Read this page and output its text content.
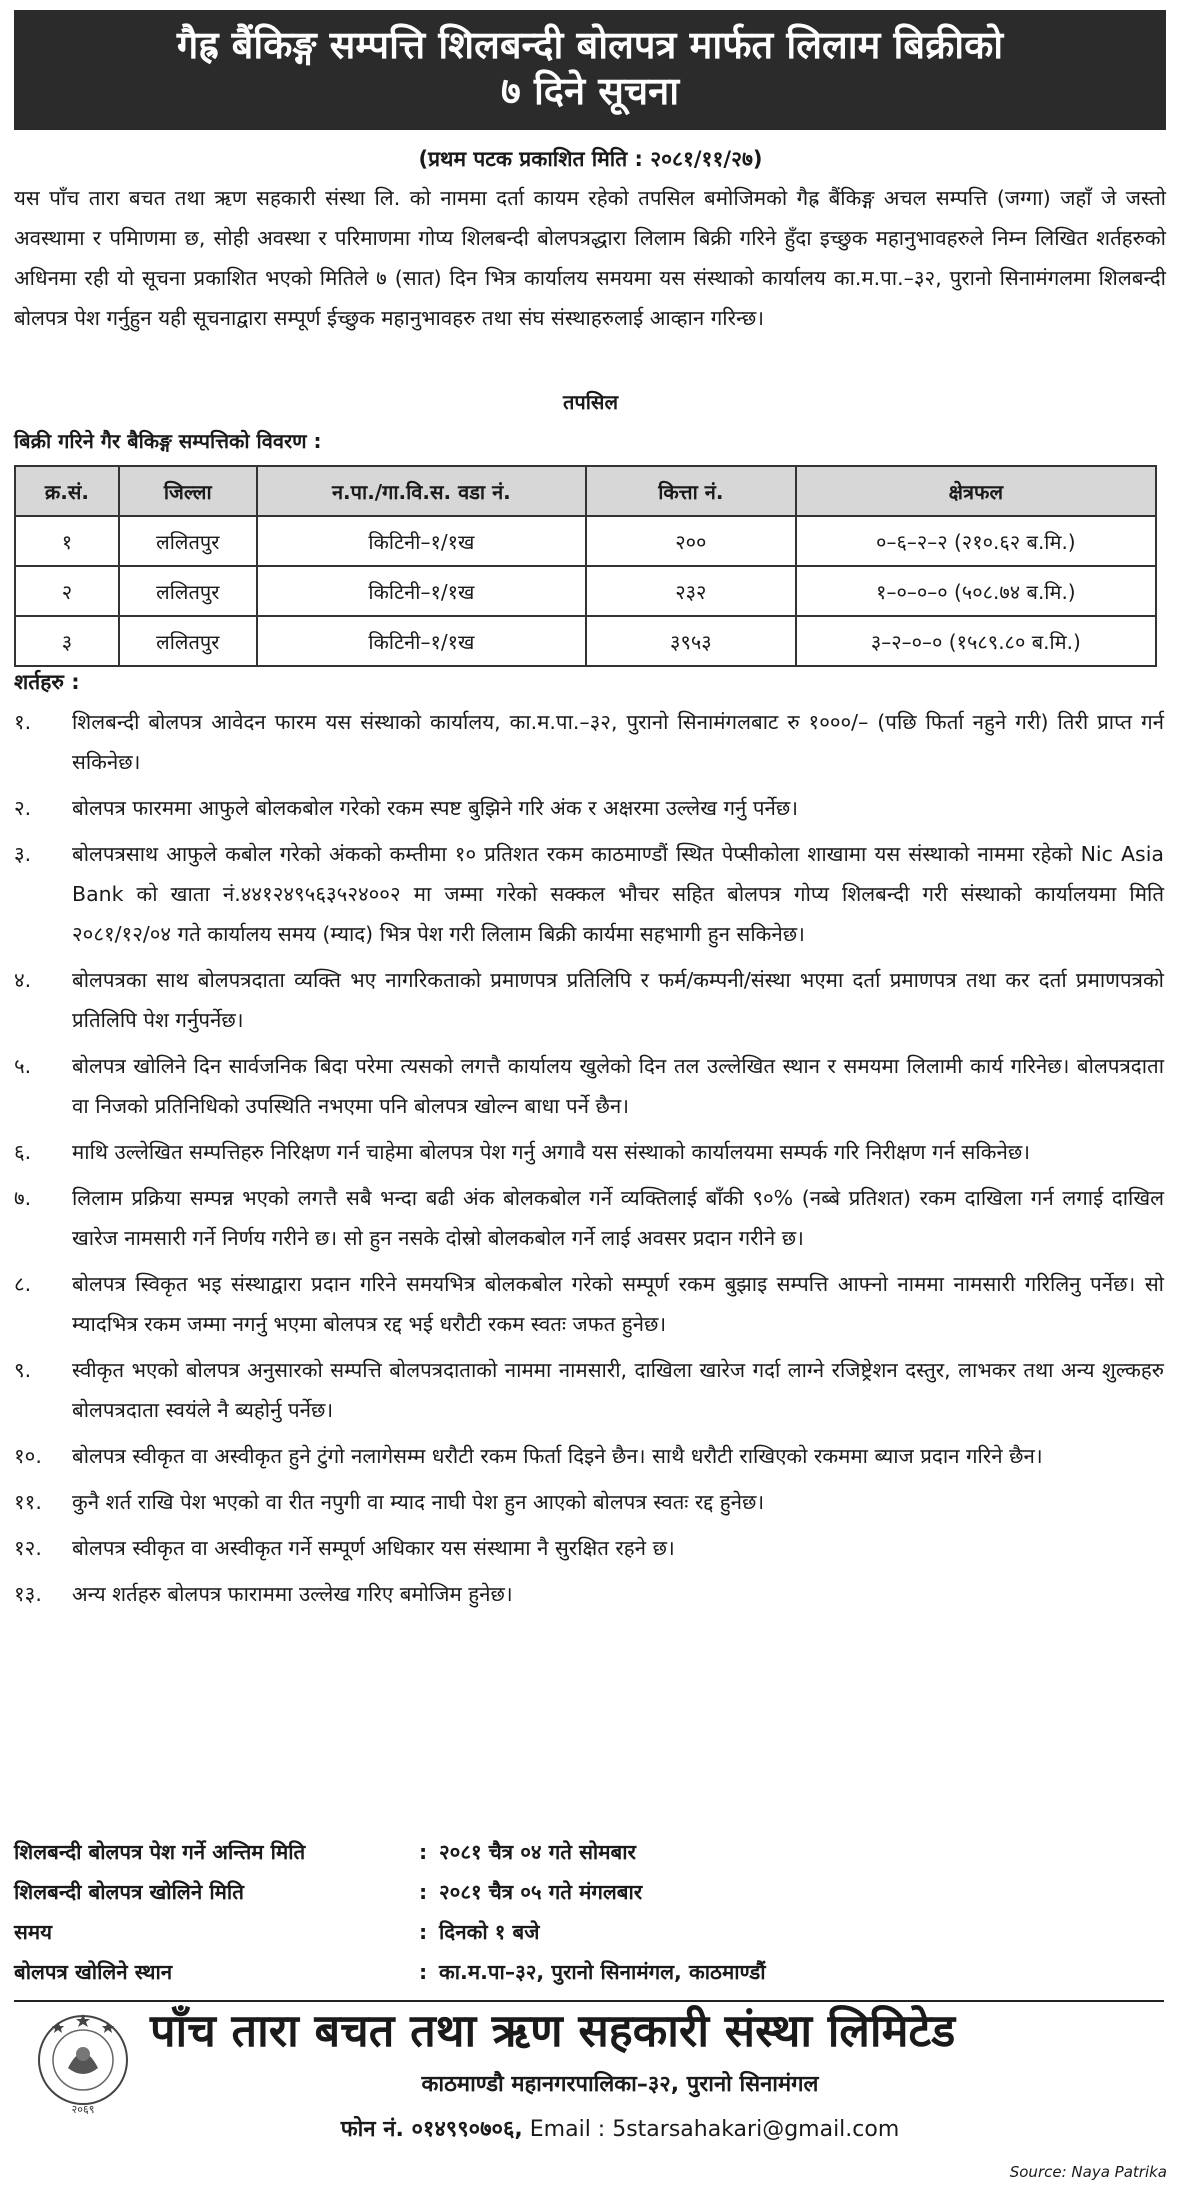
गैह्र बैंकिङ्ग सम्पत्ति शिलबन्दी बोलपत्र मार्फत लिलाम बिक्रीको
७ दिने सूचना
(प्रथम पटक प्रकाशित मिति : २०८१/११/२७)
यस पाँच तारा बचत तथा ऋण सहकारी संस्था लि. को नाममा दर्ता कायम रहेको तपसिल बमोजिमको गैह्र बैंकिङ्ग अचल सम्पत्ति (जग्गा) जहाँ जे जस्तो अवस्थामा र पमिाणमा छ, सोही अवस्था र परिमाणमा गोप्य शिलबन्दी बोलपत्रद्धारा लिलाम बिक्री गरिने हुँदा इच्छुक महानुभावहरुले निम्न लिखित शर्तहरुको अधिनमा रही यो सूचना प्रकाशित भएको मितिले ७ (सात) दिन भित्र कार्यालय समयमा यस संस्थाको कार्यालय का.म.पा.–३२, पुरानो सिनामंगलमा शिलबन्दी बोलपत्र पेश गर्नुहुन यही सूचनाद्वारा सम्पूर्ण ईच्छुक महानुभावहरु तथा संघ संस्थाहरुलाई आव्हान गरिन्छ।
तपसिल
बिक्री गरिने गैर बैकिङ्ग सम्पत्तिको विवरण :
क्र.सं.	जिल्ला	न.पा./गा.वि.स. वडा नं.	कित्ता नं.	क्षेत्रफल
१	ललितपुर	किटिनी–१/१ख	२००	०–६–२–२ (२१०.६२ ब.मि.)
२	ललितपुर	किटिनी–१/१ख	२३२	१–०–०–० (५०८.७४ ब.मि.)
३	ललितपुर	किटिनी–१/१ख	३९५३	३–२–०–० (१५८९.८० ब.मि.)
शर्तहरु :
१.	शिलबन्दी बोलपत्र आवेदन फारम यस संस्थाको कार्यालय, का.म.पा.–३२, पुरानो सिनामंगलबाट रु १०००/– (पछि फिर्ता नहुने गरी) तिरी प्राप्त गर्न सकिनेछ।
२.	बोलपत्र फारममा आफुले बोलकबोल गरेको रकम स्पष्ट बुझिने गरि अंक र अक्षरमा उल्लेख गर्नु पर्नेछ।
३.	बोलपत्रसाथ आफुले कबोल गरेको अंकको कम्तीमा १० प्रतिशत रकम काठमाण्डौं स्थित पेप्सीकोला शाखामा यस संस्थाको नाममा रहेको Nic Asia Bank को खाता नं.४४१२४९५६३५२४००२ मा जम्मा गरेको सक्कल भौचर सहित बोलपत्र गोप्य शिलबन्दी गरी संस्थाको कार्यालयमा मिति २०८१/१२/०४ गते कार्यालय समय (म्याद) भित्र पेश गरी लिलाम बिक्री कार्यमा सहभागी हुन सकिनेछ।
४.	बोलपत्रका साथ बोलपत्रदाता व्यक्ति भए नागरिकताको प्रमाणपत्र प्रतिलिपि र फर्म/कम्पनी/संस्था भएमा दर्ता प्रमाणपत्र तथा कर दर्ता प्रमाणपत्रको प्रतिलिपि पेश गर्नुपर्नेछ।
५.	बोलपत्र खोलिने दिन सार्वजनिक बिदा परेमा त्यसको लगत्तै कार्यालय खुलेको दिन तल उल्लेखित स्थान र समयमा लिलामी कार्य गरिनेछ। बोलपत्रदाता वा निजको प्रतिनिधिको उपस्थिति नभएमा पनि बोलपत्र खोल्न बाधा पर्ने छैन।
६.	माथि उल्लेखित सम्पत्तिहरु निरिक्षण गर्न चाहेमा बोलपत्र पेश गर्नु अगावै यस संस्थाको कार्यालयमा सम्पर्क गरि निरीक्षण गर्न सकिनेछ।
७.	लिलाम प्रक्रिया सम्पन्न भएको लगत्तै सबै भन्दा बढी अंक बोलकबोल गर्ने व्यक्तिलाई बाँकी ९०% (नब्बे प्रतिशत) रकम दाखिला गर्न लगाई दाखिल खारेज नामसारी गर्ने निर्णय गरीने छ। सो हुन नसके दोस्रो बोलकबोल गर्ने लाई अवसर प्रदान गरीने छ।
८.	बोलपत्र स्विकृत भइ संस्थाद्वारा प्रदान गरिने समयभित्र बोलकबोल गरेको सम्पूर्ण रकम बुझाइ सम्पत्ति आफ्नो नाममा नामसारी गरिलिनु पर्नेछ। सो म्यादभित्र रकम जम्मा नगर्नु भएमा बोलपत्र रद्द भई धरौटी रकम स्वतः जफत हुनेछ।
९.	स्वीकृत भएको बोलपत्र अनुसारको सम्पत्ति बोलपत्रदाताको नाममा नामसारी, दाखिला खारेज गर्दा लाग्ने रजिष्ट्रेशन दस्तुर, लाभकर तथा अन्य शुल्कहरु बोलपत्रदाता स्वयंले नै ब्यहोर्नु पर्नेछ।
१०.	बोलपत्र स्वीकृत वा अस्वीकृत हुने टुंगो नलागेसम्म धरौटी रकम फिर्ता दिइने छैन। साथै धरौटी राखिएको रकममा ब्याज प्रदान गरिने छैन।
११.	कुनै शर्त राखि पेश भएको वा रीत नपुगी वा म्याद नाघी पेश हुन आएको बोलपत्र स्वतः रद्द हुनेछ।
१२.	बोलपत्र स्वीकृत वा अस्वीकृत गर्ने सम्पूर्ण अधिकार यस संस्थामा नै सुरक्षित रहने छ।
१३.	अन्य शर्तहरु बोलपत्र फाराममा उल्लेख गरिए बमोजिम हुनेछ।
शिलबन्दी बोलपत्र पेश गर्ने अन्तिम मिति	: २०८१ चैत्र ०४ गते सोमबार
शिलबन्दी बोलपत्र खोलिने मिति	: २०८१ चैत्र ०५ गते मंगलबार
समय	: दिनको १ बजे
बोलपत्र खोलिने स्थान	: का.म.पा–३२, पुरानो सिनामंगल, काठमाण्डौं
२०६९
पाँच तारा बचत तथा ऋण सहकारी संस्था लिमिटेड
काठमाण्डौ महानगरपालिका–३२, पुरानो सिनामंगल
फोन नं. ०१४९९०७०६, Email : 5starsahakari@gmail.com
Source: Naya Patrika
